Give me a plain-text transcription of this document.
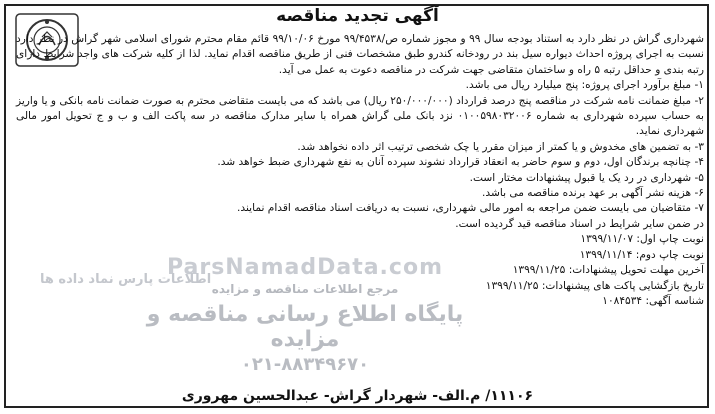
آگهی تجدید مناقصه
ParsNamadData.com
مرجع اطلاعات مناقصه و مزایده
پایگاه اطلاع رسانی مناقصه و مزایده
۰۲۱-۸۸۳۴۹۶۷۰
اطلاعات پارس نماد داده ها

شهرداری گراش در نظر دارد به استناد بودجه سال ۹۹ و مجوز شماره ص/۹۹/۴۵۳۸ مورخ ۹۹/۱۰/۰۶ قائم مقام محترم شورای اسلامی شهر گراش در نظر دارد نسبت به اجرای پروژه احداث دیواره سیل بند در رودخانه کندرو طبق مشخصات فنی از طریق مناقصه اقدام نماید. لذا از کلیه شرکت های واجد شرایط دارای رتبه بندی و حداقل رتبه ۵ راه و ساختمان متقاضی جهت شرکت در مناقصه دعوت به عمل می آید.

۱- مبلغ برآورد اجرای پروژه: پنج میلیارد ریال می باشد.

۲- مبلغ ضمانت نامه شرکت در مناقصه پنج درصد قرارداد (۲۵۰/۰۰۰/۰۰۰ ریال) می باشد که می بایست متقاضی محترم به صورت ضمانت نامه بانکی و یا واریز به حساب سپرده شهرداری به شماره ۰۱۰۰۵۹۸۰۳۲۰۰۶ نزد بانک ملی گراش همراه با سایر مدارک مناقصه در سه پاکت الف و ب و ج تحویل امور مالی شهرداری نماید.

۳- به تضمین های مخدوش و یا کمتر از میزان مقرر یا چک شخصی ترتیب اثر داده نخواهد شد.

۴- چنانچه برندگان اول، دوم و سوم حاضر به انعقاد قرارداد نشوند سپرده آنان به نفع شهرداری ضبط خواهد شد.

۵- شهرداری در رد یک یا قبول پیشنهادات مختار است.

۶- هزینه نشر آگهی بر عهد برنده مناقصه می باشد.

۷- متقاضیان می بایست ضمن مراجعه به امور مالی شهرداری، نسبت به دریافت اسناد مناقصه اقدام نمایند.

در ضمن سایر شرایط در اسناد مناقصه قید گردیده است.

نوبت چاپ اول: ۱۳۹۹/۱۱/۰۷

نوبت چاپ دوم: ۱۳۹۹/۱۱/۱۴

آخرین مهلت تحویل پیشنهادات: ۱۳۹۹/۱۱/۲۵

تاریخ بازگشایی پاکت های پیشنهادات: ۱۳۹۹/۱۱/۲۵

شناسه آگهی: ۱۰۸۴۵۳۴

۱۱۱۰۶/ م.الف- شهردار گراش- عبدالحسین مهروری
